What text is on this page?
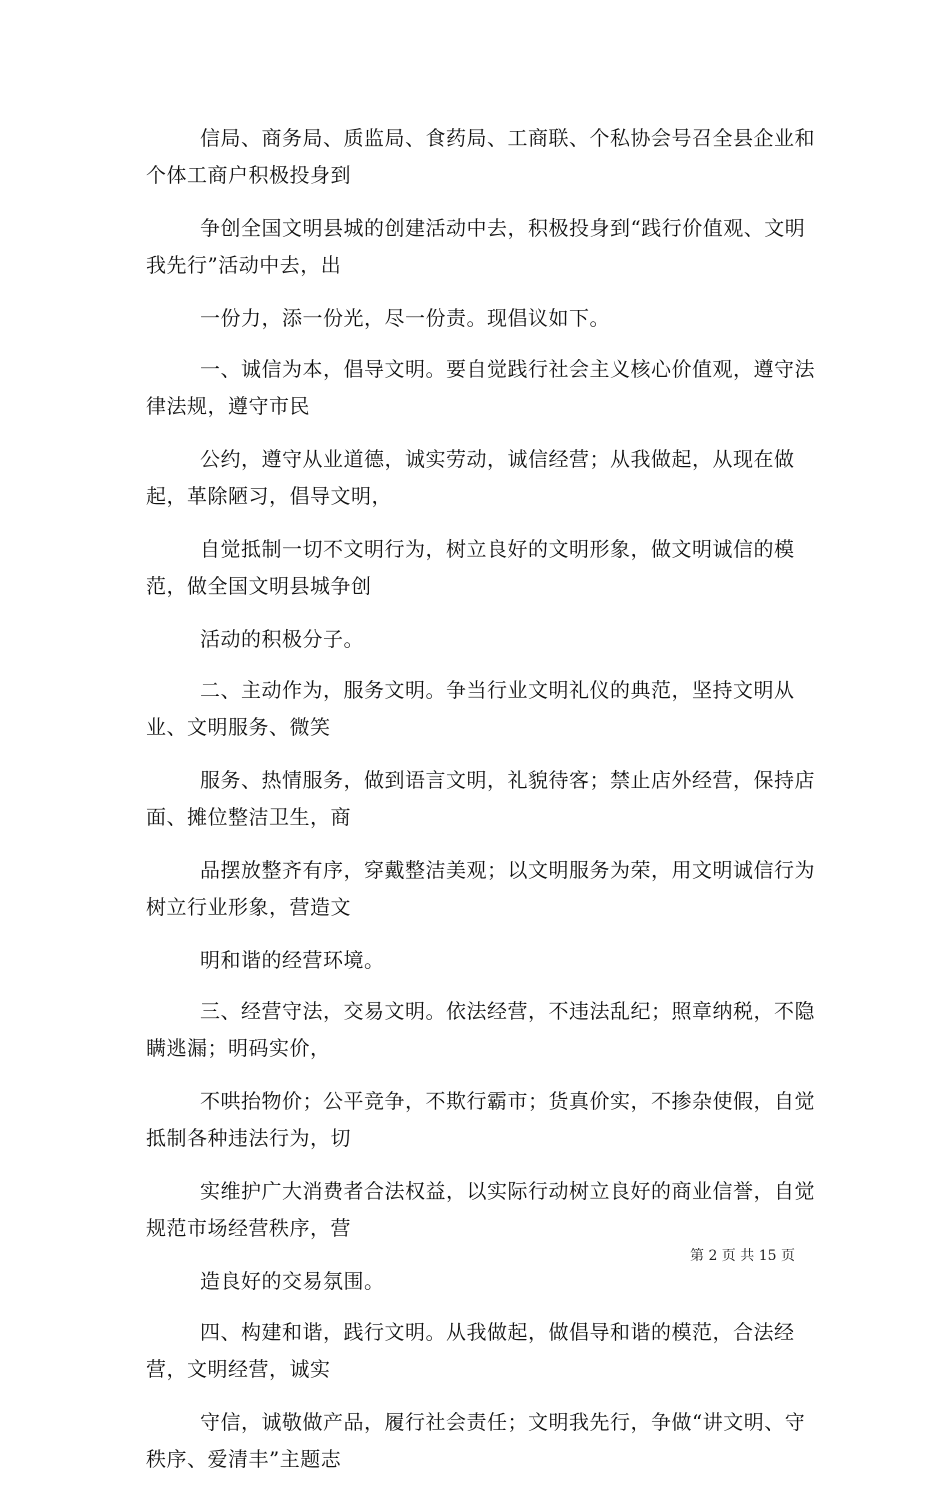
信局、商务局、质监局、食药局、工商联、个私协会号召全县企业和个体工商户积极投身到

争创全国文明县城的创建活动中去，积极投身到“践行价值观、文明我先行”活动中去，出

一份力，添一份光，尽一份责。现倡议如下。

一、诚信为本，倡导文明。要自觉践行社会主义核心价值观，遵守法律法规，遵守市民

公约，遵守从业道德，诚实劳动，诚信经营；从我做起，从现在做起，革除陋习，倡导文明，

自觉抵制一切不文明行为，树立良好的文明形象，做文明诚信的模范，做全国文明县城争创

活动的积极分子。

二、主动作为，服务文明。争当行业文明礼仪的典范，坚持文明从业、文明服务、微笑

服务、热情服务，做到语言文明，礼貌待客；禁止店外经营，保持店面、摊位整洁卫生，商

品摆放整齐有序，穿戴整洁美观；以文明服务为荣，用文明诚信行为树立行业形象，营造文

明和谐的经营环境。

三、经营守法，交易文明。依法经营，不违法乱纪；照章纳税，不隐瞒逃漏；明码实价，

不哄抬物价；公平竞争，不欺行霸市；货真价实，不掺杂使假，自觉抵制各种违法行为，切

实维护广大消费者合法权益，以实际行动树立良好的商业信誉，自觉规范市场经营秩序，营

造良好的交易氛围。

四、构建和谐，践行文明。从我做起，做倡导和谐的模范，合法经营，文明经营，诚实

守信，诚敬做产品，履行社会责任；文明我先行，争做“讲文明、守秩序、爱清丰”主题志

第 2 页 共 15 页
